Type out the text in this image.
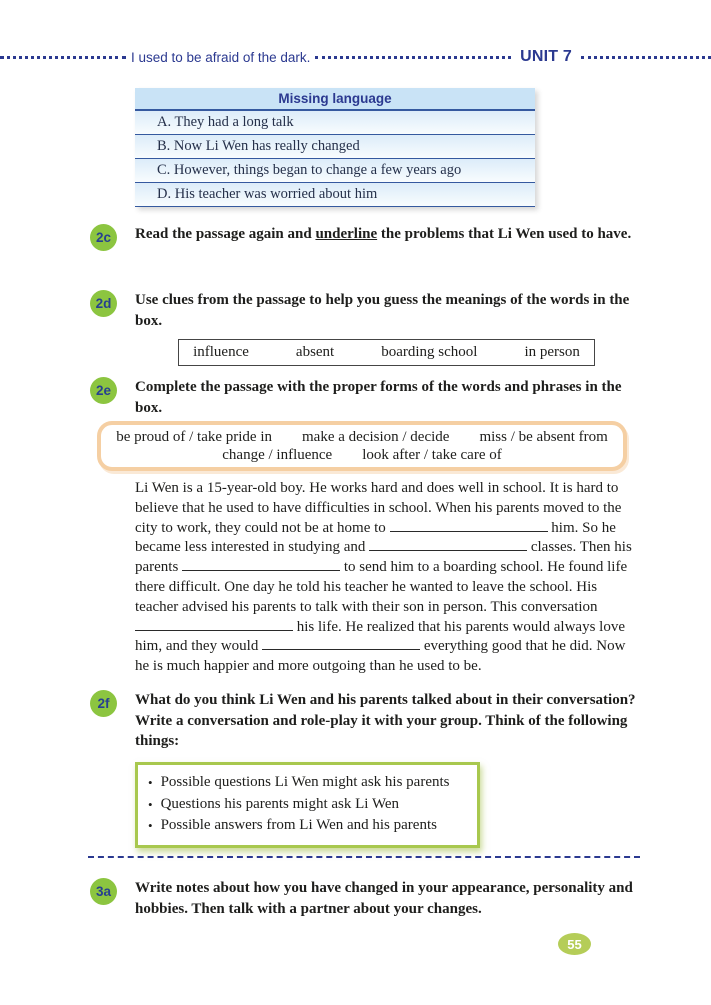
I used to be afraid of the dark.	UNIT 7
Missing language
A. They had a long talk
B. Now Li Wen has really changed
C. However, things began to change a few years ago
D. His teacher was worried about him
2c	Read the passage again and underline the problems that Li Wen used to have.
2d	Use clues from the passage to help you guess the meanings of the words in the box.
influence	absent	boarding school	in person
2e	Complete the passage with the proper forms of the words and phrases in the box.
be proud of / take pride in make a decision / decide miss / be absent from
change / influence look after / take care of
Li Wen is a 15-year-old boy. He works hard and does well in school. It is hard to believe that he used to have difficulties in school. When his parents moved to the city to work, they could not be at home to	him. So he became less interested in studying and	classes. Then his parents	to send him to a boarding school. He found life there difficult. One day he told his teacher he wanted to leave the school. His teacher advised his parents to talk with their son in person. This conversation  his life. He realized that his parents would always love him, and they would	everything good that he did. Now he is much happier and more outgoing than he used to be.
2f	What do you think Li Wen and his parents talked about in their conversation? Write a conversation and role-play it with your group. Think of the following things:
• Possible questions Li Wen might ask his parents
• Questions his parents might ask Li Wen
• Possible answers from Li Wen and his parents
3a	Write notes about how you have changed in your appearance, personality and hobbies. Then talk with a partner about your changes.
55
